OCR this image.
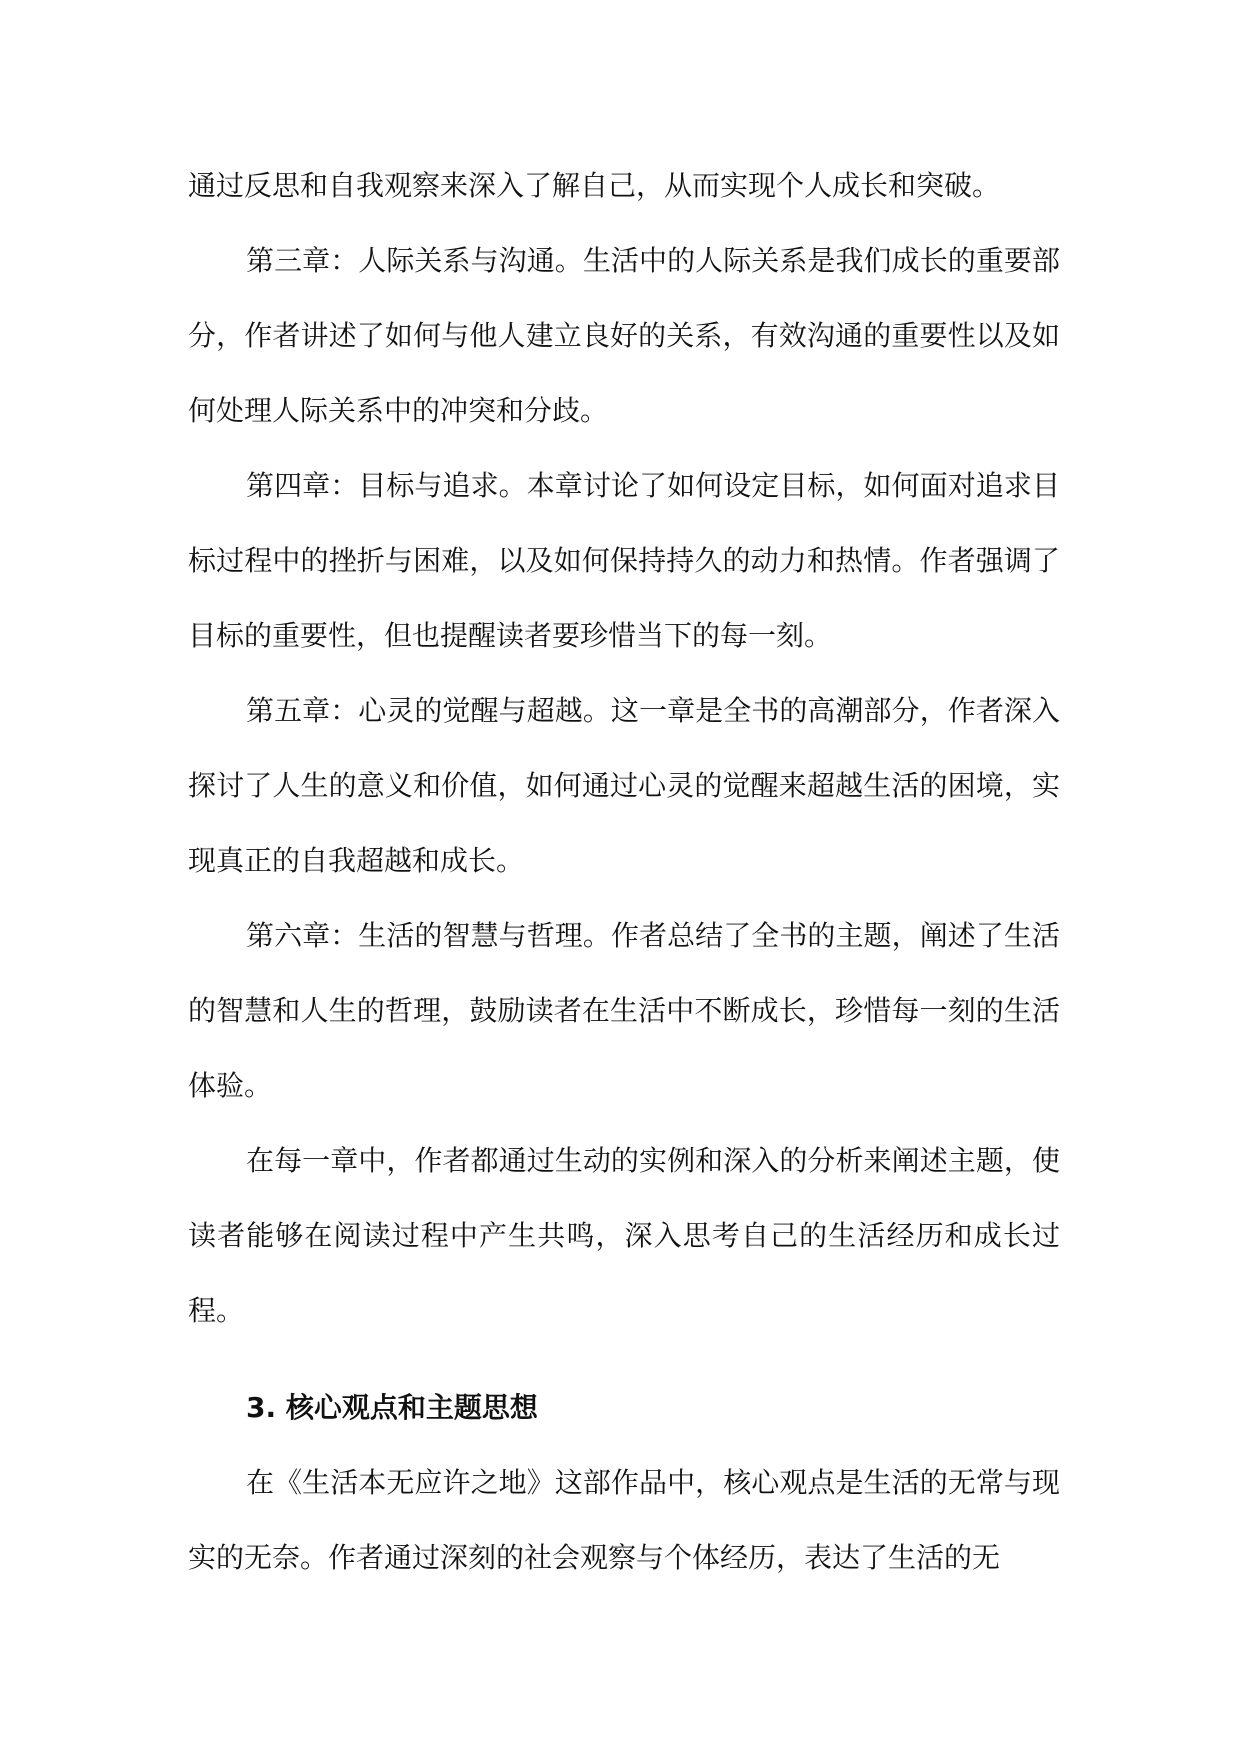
通过反思和自我观察来深入了解自己，从而实现个人成长和突破。

第三章：人际关系与沟通。生活中的人际关系是我们成长的重要部分，作者讲述了如何与他人建立良好的关系，有效沟通的重要性以及如何处理人际关系中的冲突和分歧。

第四章：目标与追求。本章讨论了如何设定目标，如何面对追求目标过程中的挫折与困难，以及如何保持持久的动力和热情。作者强调了目标的重要性，但也提醒读者要珍惜当下的每一刻。

第五章：心灵的觉醒与超越。这一章是全书的高潮部分，作者深入探讨了人生的意义和价值，如何通过心灵的觉醒来超越生活的困境，实现真正的自我超越和成长。

第六章：生活的智慧与哲理。作者总结了全书的主题，阐述了生活的智慧和人生的哲理，鼓励读者在生活中不断成长，珍惜每一刻的生活体验。

在每一章中，作者都通过生动的实例和深入的分析来阐述主题，使读者能够在阅读过程中产生共鸣，深入思考自己的生活经历和成长过程。

3. 核心观点和主题思想

在《生活本无应许之地》这部作品中，核心观点是生活的无常与现实的无奈。作者通过深刻的社会观察与个体经历，表达了生活的无
